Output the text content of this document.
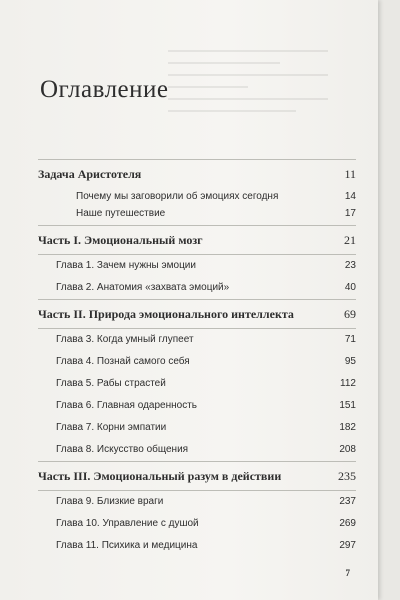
Оглавление
Задача Аристотеля	11
Почему мы заговорили об эмоциях сегодня	14
Наше путешествие	17
Часть I. Эмоциональный мозг	21
Глава 1. Зачем нужны эмоции	23
Глава 2. Анатомия «захвата эмоций»	40
Часть II. Природа эмоционального интеллекта	69
Глава 3. Когда умный глупеет	71
Глава 4. Познай самого себя	95
Глава 5. Рабы страстей	112
Глава 6. Главная одаренность	151
Глава 7. Корни эмпатии	182
Глава 8. Искусство общения	208
Часть III. Эмоциональный разум в действии	235
Глава 9. Близкие враги	237
Глава 10. Управление с душой	269
Глава 11. Психика и медицина	297
7
